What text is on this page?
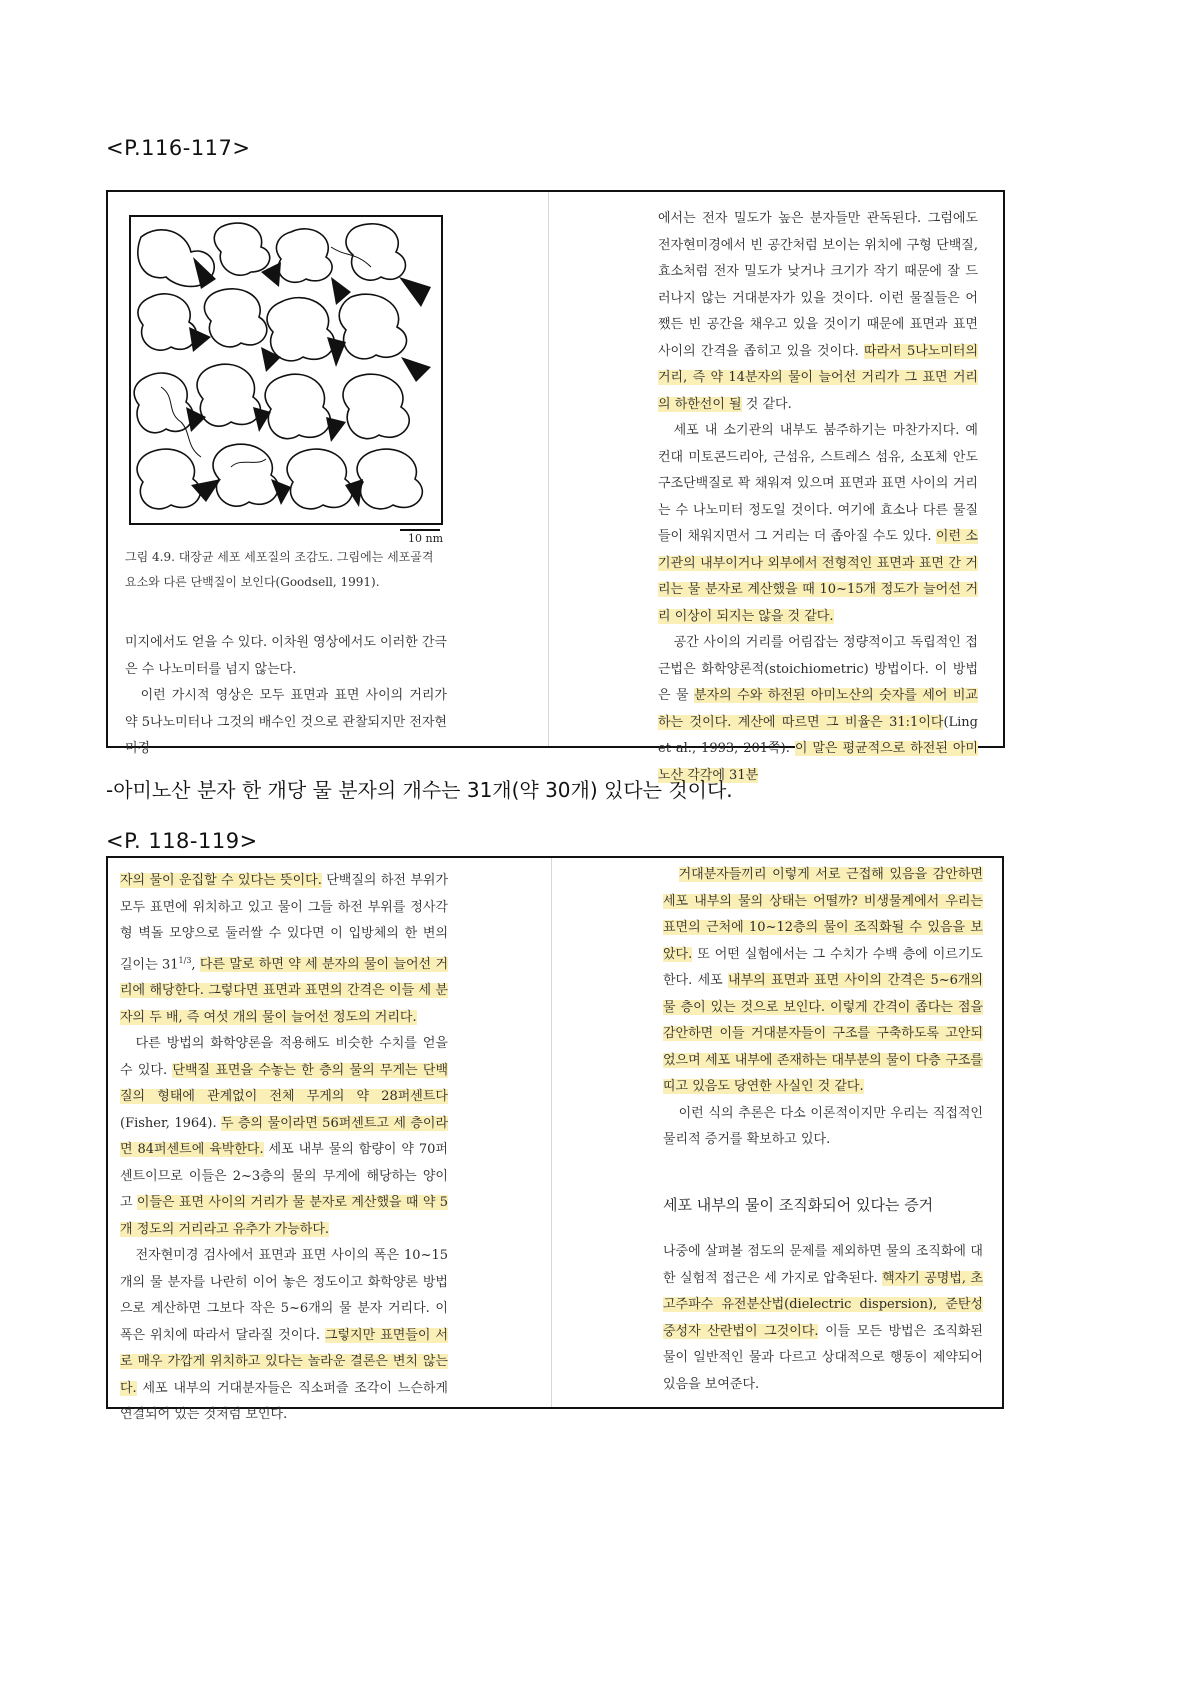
<P.116-117>
10 nm
그림 4.9. 대장균 세포 세포질의 조감도. 그림에는 세포골격 요소와 다른 단백질이 보인다(Goodsell, 1991).

미지에서도 얻을 수 있다. 이차원 영상에서도 이러한 간극은 수 나노미터를 넘지 않는다.

이런 가시적 영상은 모두 표면과 표면 사이의 거리가 약 5나노미터나 그것의 배수인 것으로 관찰되지만 전자현미경

에서는 전자 밀도가 높은 분자들만 관독된다. 그럼에도 전자현미경에서 빈 공간처럼 보이는 위치에 구형 단백질, 효소처럼 전자 밀도가 낮거나 크기가 작기 때문에 잘 드러나지 않는 거대분자가 있을 것이다. 이런 물질들은 어쨌든 빈 공간을 채우고 있을 것이기 때문에 표면과 표면 사이의 간격을 좁히고 있을 것이다. 따라서 5나노미터의 거리, 즉 약 14분자의 물이 늘어선 거리가 그 표면 거리의 하한선이 될 것 같다.

세포 내 소기관의 내부도 붐주하기는 마찬가지다. 예컨대 미토콘드리아, 근섬유, 스트레스 섬유, 소포체 안도 구조단백질로 꽉 채워져 있으며 표면과 표면 사이의 거리는 수 나노미터 정도일 것이다. 여기에 효소나 다른 물질들이 채워지면서 그 거리는 더 좁아질 수도 있다. 이런 소기관의 내부이거나 외부에서 전형적인 표면과 표면 간 거리는 물 분자로 계산했을 때 10~15개 정도가 늘어선 거리 이상이 되지는 않을 것 같다.

공간 사이의 거리를 어림잡는 정량적이고 독립적인 접근법은 화학양론적(stoichiometric) 방법이다. 이 방법은 물 분자의 수와 하전된 아미노산의 숫자를 세어 비교하는 것이다. 계산에 따르면 그 비율은 31:1이다(Ling et al., 1993, 201쪽). 이 말은 평균적으로 하전된 아미노산 각각에 31분

-아미노산 분자 한 개당 물 분자의 개수는 31개(약 30개) 있다는 것이다.
<P. 118-119>

자의 물이 운집할 수 있다는 뜻이다. 단백질의 하전 부위가 모두 표면에 위치하고 있고 물이 그들 하전 부위를 정사각형 벽돌 모양으로 둘러쌀 수 있다면 이 입방체의 한 변의 길이는 $31^{1/3}$, 다른 말로 하면 약 세 분자의 물이 늘어선 거리에 해당한다. 그렇다면 표면과 표면의 간격은 이들 세 분자의 두 배, 즉 여섯 개의 물이 늘어선 정도의 거리다.

다른 방법의 화학양론을 적용해도 비슷한 수치를 얻을 수 있다. 단백질 표면을 수놓는 한 층의 물의 무게는 단백질의 형태에 관계없이 전체 무게의 약 28퍼센트다(Fisher, 1964). 두 층의 물이라면 56퍼센트고 세 층이라면 84퍼센트에 육박한다. 세포 내부 물의 함량이 약 70퍼센트이므로 이들은 2~3층의 물의 무게에 해당하는 양이고 이들은 표면 사이의 거리가 물 분자로 계산했을 때 약 5개 정도의 거리라고 유추가 가능하다.

전자현미경 검사에서 표면과 표면 사이의 폭은 10~15개의 물 분자를 나란히 이어 놓은 정도이고 화학양론 방법으로 계산하면 그보다 작은 5~6개의 물 분자 거리다. 이 폭은 위치에 따라서 달라질 것이다. 그렇지만 표면들이 서로 매우 가깝게 위치하고 있다는 놀라운 결론은 변치 않는다. 세포 내부의 거대분자들은 직소퍼즐 조각이 느슨하게 연결되어 있는 것처럼 보인다.

거대분자들끼리 이렇게 서로 근접해 있음을 감안하면 세포 내부의 물의 상태는 어떨까? 비생물계에서 우리는 표면의 근처에 10~12층의 물이 조직화될 수 있음을 보았다. 또 어떤 실험에서는 그 수치가 수백 층에 이르기도 한다. 세포 내부의 표면과 표면 사이의 간격은 5~6개의 물 층이 있는 것으로 보인다. 이렇게 간격이 좁다는 점을 감안하면 이들 거대분자들이 구조를 구축하도록 고안되었으며 세포 내부에 존재하는 대부분의 물이 다층 구조를 띠고 있음도 당연한 사실인 것 같다.

이런 식의 추론은 다소 이론적이지만 우리는 직접적인 물리적 증거를 확보하고 있다.

세포 내부의 물이 조직화되어 있다는 증거

나중에 살펴볼 점도의 문제를 제외하면 물의 조직화에 대한 실험적 접근은 세 가지로 압축된다. 핵자기 공명법, 초고주파수 유전분산법(dielectric dispersion), 준탄성 중성자 산란법이 그것이다. 이들 모든 방법은 조직화된 물이 일반적인 물과 다르고 상대적으로 행동이 제약되어 있음을 보여준다.
